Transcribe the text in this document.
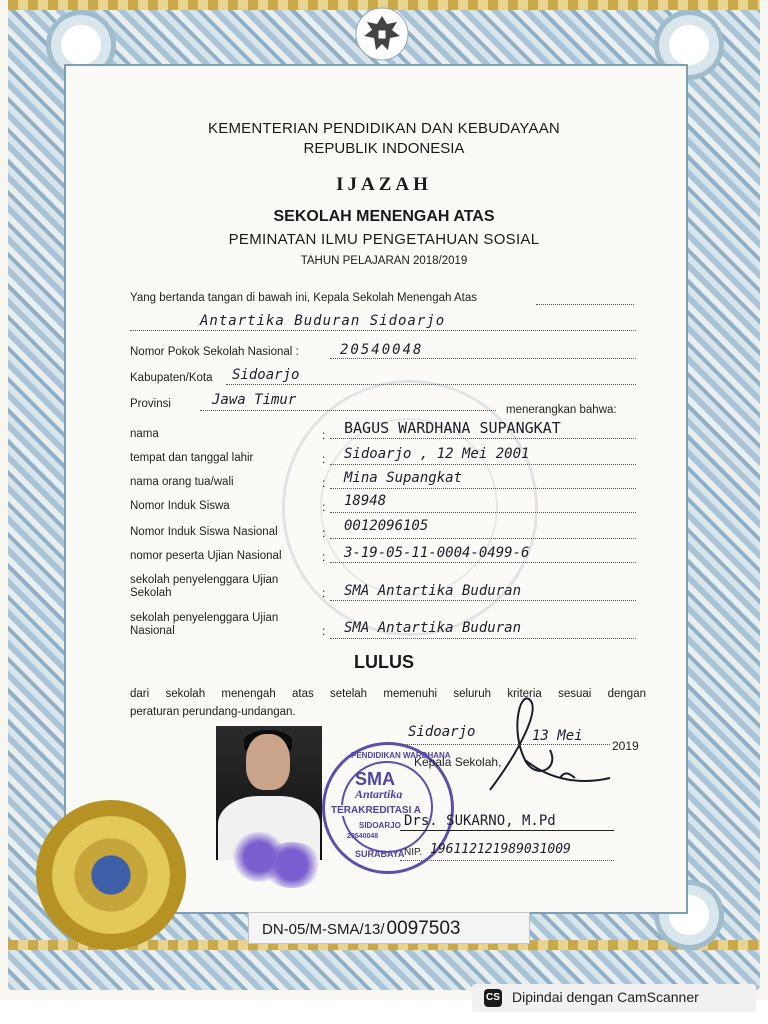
KEMENTERIAN PENDIDIKAN DAN KEBUDAYAAN
REPUBLIK INDONESIA
IJAZAH
SEKOLAH MENENGAH ATAS
PEMINATAN ILMU PENGETAHUAN SOSIAL
TAHUN PELAJARAN 2018/2019
Yang bertanda tangan di bawah ini, Kepala Sekolah Menengah Atas
Antartika Buduran Sidoarjo
Nomor Pokok Sekolah Nasional :	20540048
Kabupaten/Kota Sidoarjo
Provinsi	Jawa Timur
menerangkan bahwa:
nama	: BAGUS WARDHANA SUPANGKAT
tempat dan tanggal lahir	: Sidoarjo , 12 Mei 2001
nama orang tua/wali	: Mina Supangkat
Nomor Induk Siswa	: 18948
Nomor Induk Siswa Nasional	: 0012096105
nomor peserta Ujian Nasional	: 3-19-05-11-0004-0499-6
sekolah penyelenggara Ujian Sekolah	: SMA Antartika Buduran
sekolah penyelenggara Ujian Nasional	: SMA Antartika Buduran
LULUS
dari sekolah menengah atas setelah memenuhi seluruh kriteria sesuai dengan
peraturan perundang-undangan.
PENDIDIKAN WARDHANA
SMA
Antartika
TERAKREDITASI A
SIDOARJO
20540048
SURABAYA
Sidoarjo	13 Mei
2019
Kepala Sekolah,
Drs. SUKARNO, M.Pd
NIP. 196112121989031009
DN-05/M-SMA/13/ 0097503
CS Dipindai dengan CamScanner
